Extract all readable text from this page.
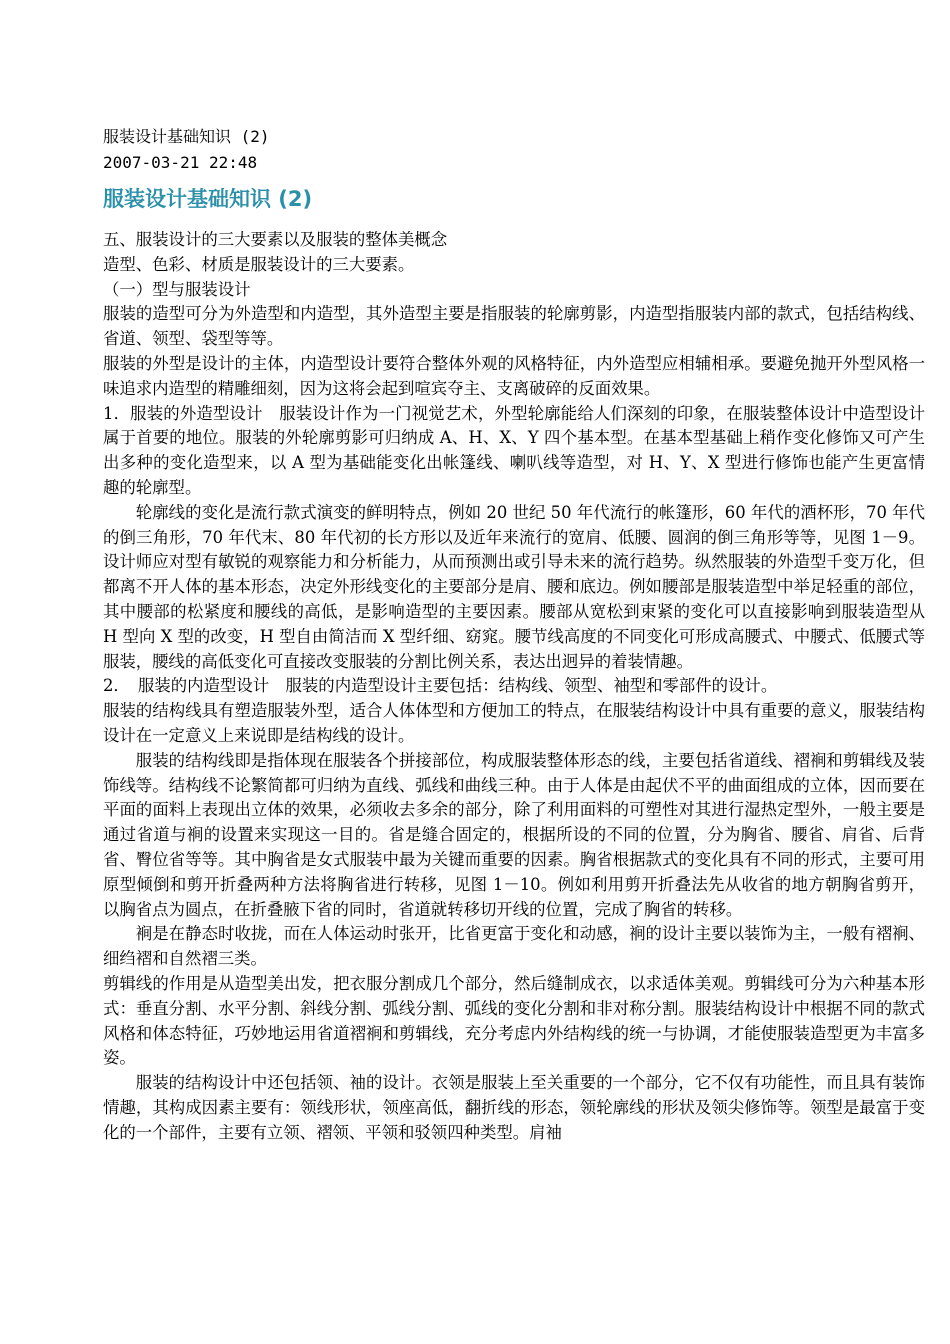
服装设计基础知识 (2)
2007-03-21 22:48
服装设计基础知识 (2)

五、服装设计的三大要素以及服装的整体美概念

造型、色彩、材质是服装设计的三大要素。

（一）型与服装设计

服装的造型可分为外造型和内造型，其外造型主要是指服装的轮廓剪影，内造型指服装内部的款式，包括结构线、省道、领型、袋型等等。

服装的外型是设计的主体，内造型设计要符合整体外观的风格特征，内外造型应相辅相承。要避免抛开外型风格一味追求内造型的精雕细刻，因为这将会起到喧宾夺主、支离破碎的反面效果。

1．服装的外造型设计　服装设计作为一门视觉艺术，外型轮廓能给人们深刻的印象，在服装整体设计中造型设计属于首要的地位。服装的外轮廓剪影可归纳成 A、H、X、Y 四个基本型。在基本型基础上稍作变化修饰又可产生出多种的变化造型来，以 A 型为基础能变化出帐篷线、喇叭线等造型，对 H、Y、X 型进行修饰也能产生更富情趣的轮廓型。

轮廓线的变化是流行款式演变的鲜明特点，例如 20 世纪 50 年代流行的帐篷形，60 年代的酒杯形，70 年代的倒三角形，70 年代末、80 年代初的长方形以及近年来流行的宽肩、低腰、圆润的倒三角形等等，见图 1－9。设计师应对型有敏锐的观察能力和分析能力，从而预测出或引导未来的流行趋势。纵然服装的外造型千变万化，但都离不开人体的基本形态，决定外形线变化的主要部分是肩、腰和底边。例如腰部是服装造型中举足轻重的部位，其中腰部的松紧度和腰线的高低，是影响造型的主要因素。腰部从宽松到束紧的变化可以直接影响到服装造型从 H 型向 X 型的改变，H 型自由简洁而 X 型纤细、窈窕。腰节线高度的不同变化可形成高腰式、中腰式、低腰式等服装，腰线的高低变化可直接改变服装的分割比例关系，表达出迥异的着装情趣。

2．　服装的内造型设计　服装的内造型设计主要包括：结构线、领型、袖型和零部件的设计。

服装的结构线具有塑造服装外型，适合人体体型和方便加工的特点，在服装结构设计中具有重要的意义，服装结构设计在一定意义上来说即是结构线的设计。

服装的结构线即是指体现在服装各个拼接部位，构成服装整体形态的线，主要包括省道线、褶裥和剪辑线及装饰线等。结构线不论繁简都可归纳为直线、弧线和曲线三种。由于人体是由起伏不平的曲面组成的立体，因而要在平面的面料上表现出立体的效果，必须收去多余的部分，除了利用面料的可塑性对其进行湿热定型外，一般主要是通过省道与裥的设置来实现这一目的。省是缝合固定的，根据所设的不同的位置，分为胸省、腰省、肩省、后背省、臀位省等等。其中胸省是女式服装中最为关键而重要的因素。胸省根据款式的变化具有不同的形式，主要可用原型倾倒和剪开折叠两种方法将胸省进行转移，见图 1－10。例如利用剪开折叠法先从收省的地方朝胸省剪开，以胸省点为圆点，在折叠腋下省的同时，省道就转移切开线的位置，完成了胸省的转移。

裥是在静态时收拢，而在人体运动时张开，比省更富于变化和动感，裥的设计主要以装饰为主，一般有褶裥、细绉褶和自然褶三类。

剪辑线的作用是从造型美出发，把衣服分割成几个部分，然后缝制成衣，以求适体美观。剪辑线可分为六种基本形式：垂直分割、水平分割、斜线分割、弧线分割、弧线的变化分割和非对称分割。服装结构设计中根据不同的款式风格和体态特征，巧妙地运用省道褶裥和剪辑线，充分考虑内外结构线的统一与协调，才能使服装造型更为丰富多姿。

服装的结构设计中还包括领、袖的设计。衣领是服装上至关重要的一个部分，它不仅有功能性，而且具有装饰情趣，其构成因素主要有：领线形状，领座高低，翻折线的形态，领轮廓线的形状及领尖修饰等。领型是最富于变化的一个部件，主要有立领、褶领、平领和驳领四种类型。肩袖
